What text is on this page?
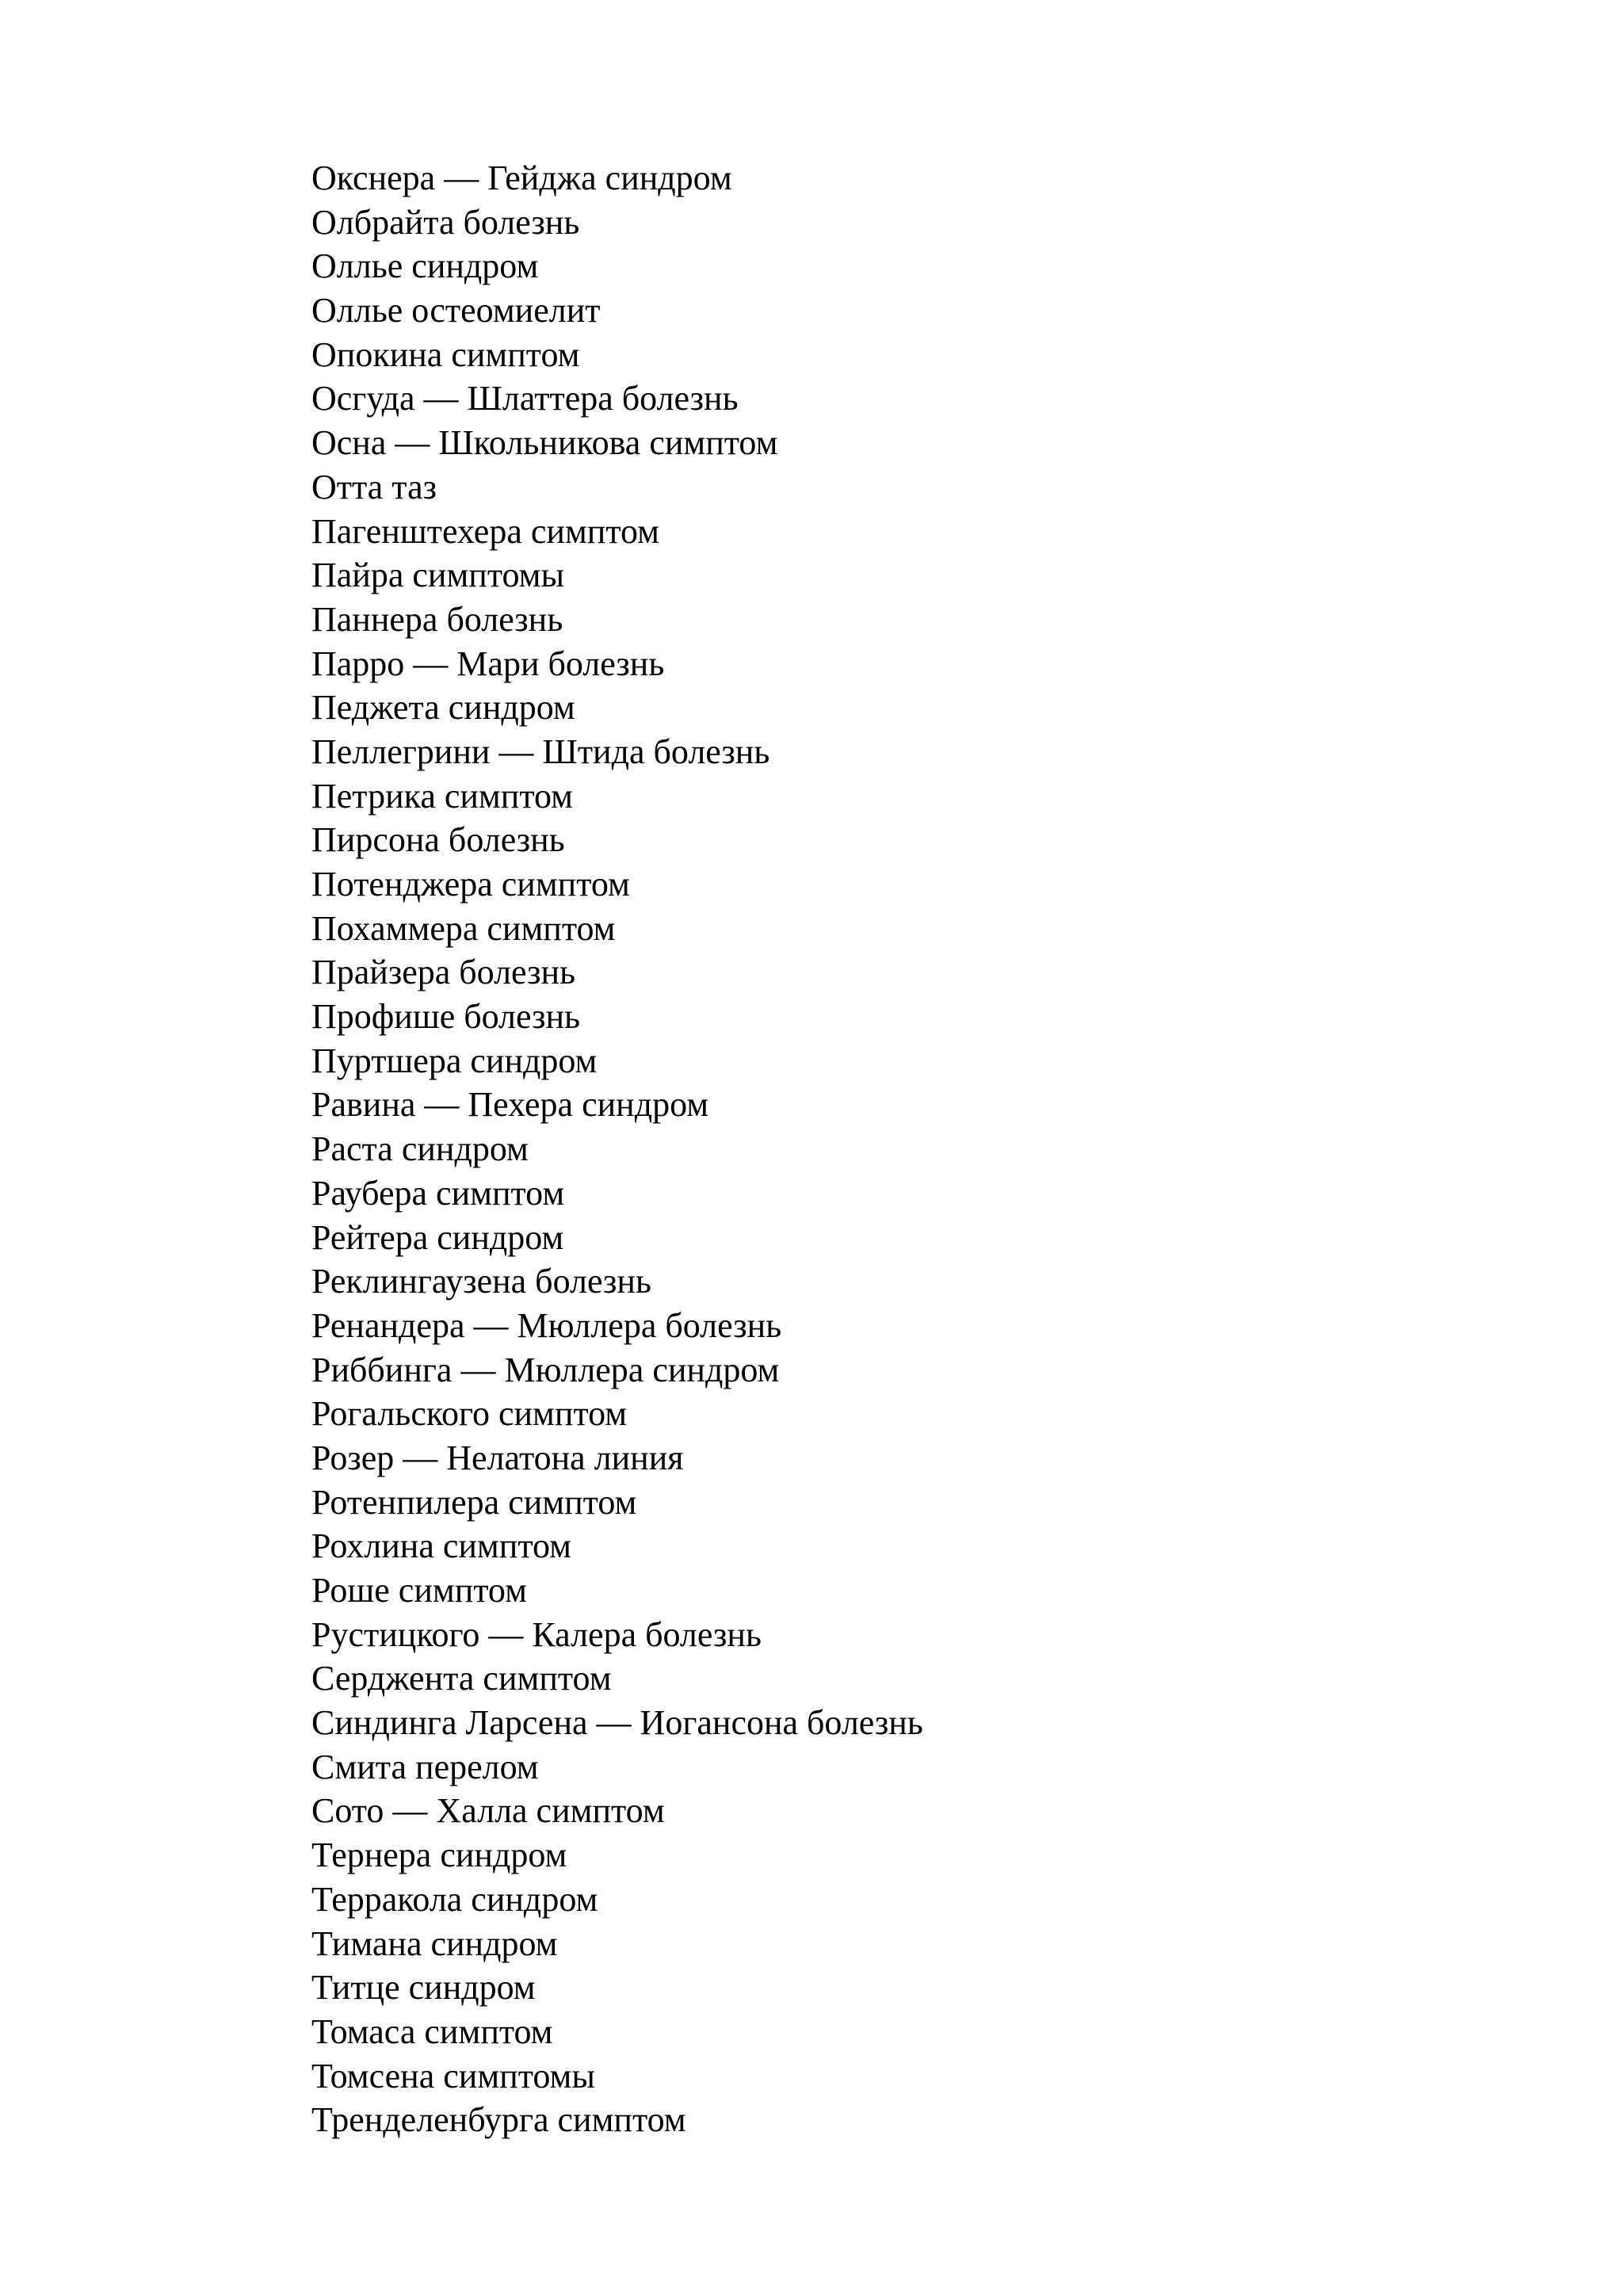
Окснера — Гейджа синдром
Олбрайта болезнь
Оллье синдром
Оллье остеомиелит
Опокина симптом
Осгуда — Шлаттера болезнь
Осна — Школьникова симптом
Отта таз
Пагенштехера симптом
Пайра симптомы
Паннера болезнь
Парро — Мари болезнь
Педжета синдром
Пеллегрини — Штида болезнь
Петрика симптом
Пирсона болезнь
Потенджера симптом
Похаммера симптом
Прайзера болезнь
Профише болезнь
Пуртшера синдром
Равина — Пехера синдром
Раста синдром
Раубера симптом
Рейтера синдром
Реклингаузена болезнь
Ренандера — Мюллера болезнь
Риббинга — Мюллера синдром
Рогальского симптом
Розер — Нелатона линия
Ротенпилера симптом
Рохлина симптом
Роше симптом
Рустицкого — Калера болезнь
Серджента симптом
Синдинга Ларсена — Иогансона болезнь
Смита перелом
Сото — Халла симптом
Тернера синдром
Терракола синдром
Тимана синдром
Титце синдром
Томаса симптом
Томсена симптомы
Тренделенбурга симптом
